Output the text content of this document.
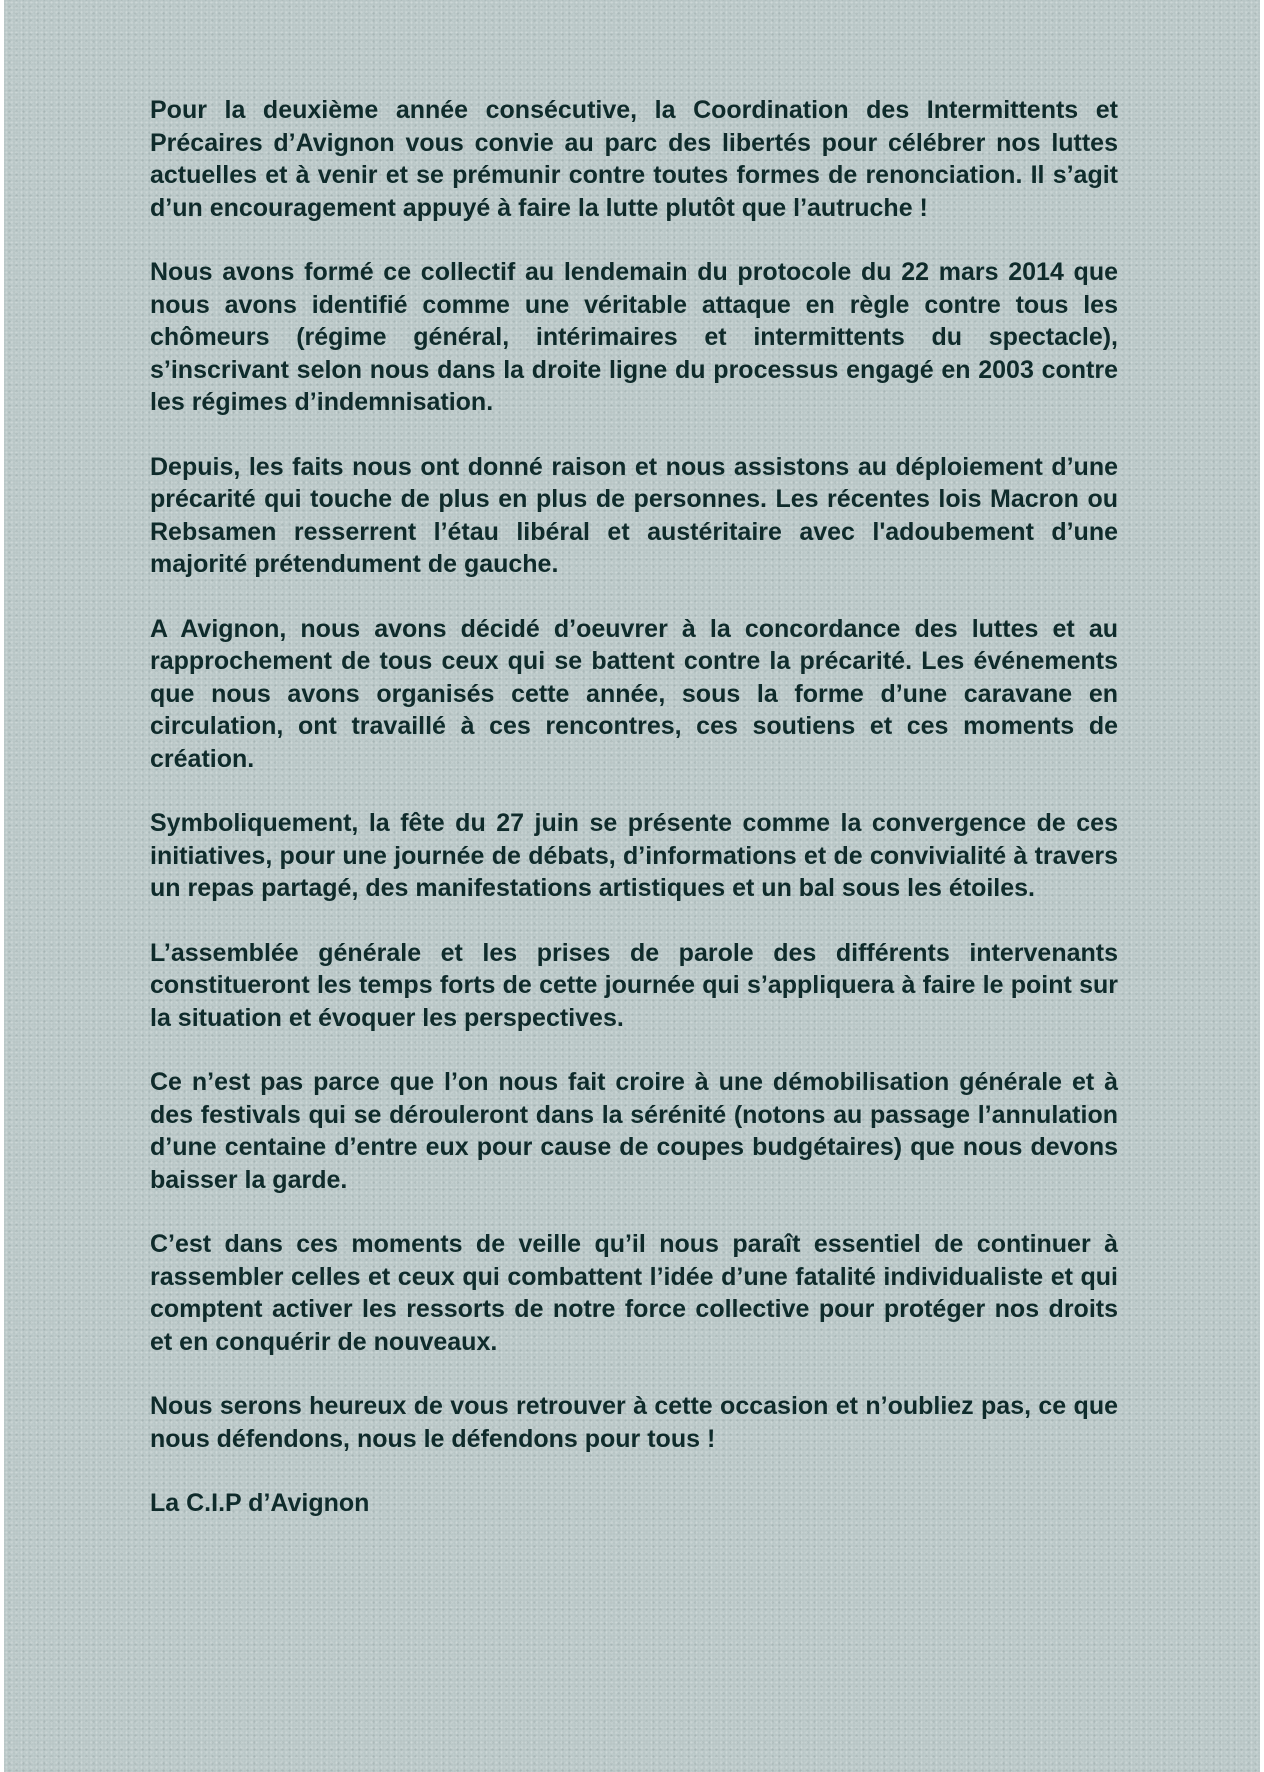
Pour la deuxième année consécutive, la Coordination des Intermittents et Précaires d’Avignon vous convie au parc des libertés pour célébrer nos luttes actuelles et à venir et se prémunir contre toutes formes de renonciation. Il s’agit d’un encouragement appuyé à faire la lutte plutôt que l’autruche !

Nous avons formé ce collectif au lendemain du protocole du 22 mars 2014 que nous avons identifié comme une véritable attaque en règle contre tous les chômeurs (régime général, intérimaires et intermittents du spectacle), s’inscrivant selon nous dans la droite ligne du processus engagé en 2003 contre les régimes d’indemnisation.

Depuis, les faits nous ont donné raison et nous assistons au déploiement d’une précarité qui touche de plus en plus de personnes. Les récentes lois Macron ou Rebsamen resserrent l’étau libéral et austéritaire avec l'adoubement d’une majorité prétendument de gauche.

A Avignon, nous avons décidé d’oeuvrer à la concordance des luttes et au rapprochement de tous ceux qui se battent contre la précarité. Les événements que nous avons organisés cette année, sous la forme d’une caravane en circulation, ont travaillé à ces rencontres, ces soutiens et ces moments de création.

Symboliquement, la fête du 27 juin se présente comme la convergence de ces initiatives, pour une journée de débats, d’informations et de convivialité à travers un repas partagé, des manifestations artistiques et un bal sous les étoiles.

L’assemblée générale et les prises de parole des différents intervenants constitueront les temps forts de cette journée qui s’appliquera à faire le point sur la situation et évoquer les perspectives.

Ce n’est pas parce que l’on nous fait croire à une démobilisation générale et à des festivals qui se dérouleront dans la sérénité (notons au passage l’annulation d’une centaine d’entre eux pour cause de coupes budgétaires) que nous devons baisser la garde.

C’est dans ces moments de veille qu’il nous paraît essentiel de continuer à rassembler celles et ceux qui combattent l’idée d’une fatalité individualiste et qui comptent activer les ressorts de notre force collective pour protéger nos droits et en conquérir de nouveaux.

Nous serons heureux de vous retrouver à cette occasion et n’oubliez pas, ce que nous défendons, nous le défendons pour tous !

La C.I.P d’Avignon
